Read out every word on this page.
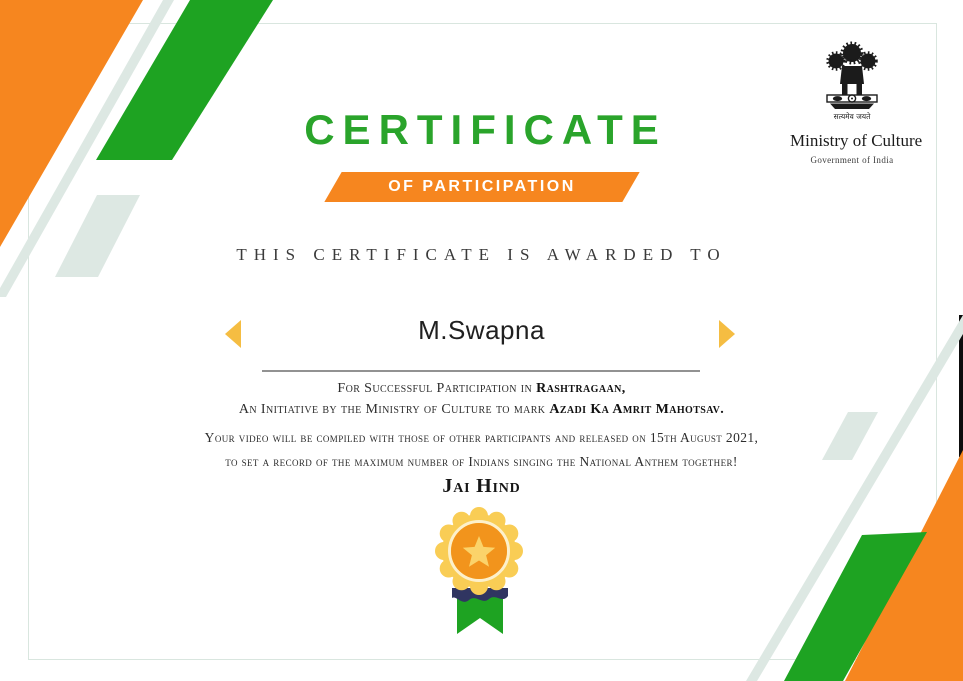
CERTIFICATE
OF PARTICIPATION
सत्यमेव जयते
Ministry of Culture
Government of India
THIS CERTIFICATE IS AWARDED TO
M.Swapna
For Successful Participation in Rashtragaan,
An Initiative by the Ministry of Culture to mark Azadi Ka Amrit Mahotsav.
Your video will be compiled with those of other participants and released on 15th August 2021,
to set a record of the maximum number of Indians singing the National Anthem together!
Jai Hind
